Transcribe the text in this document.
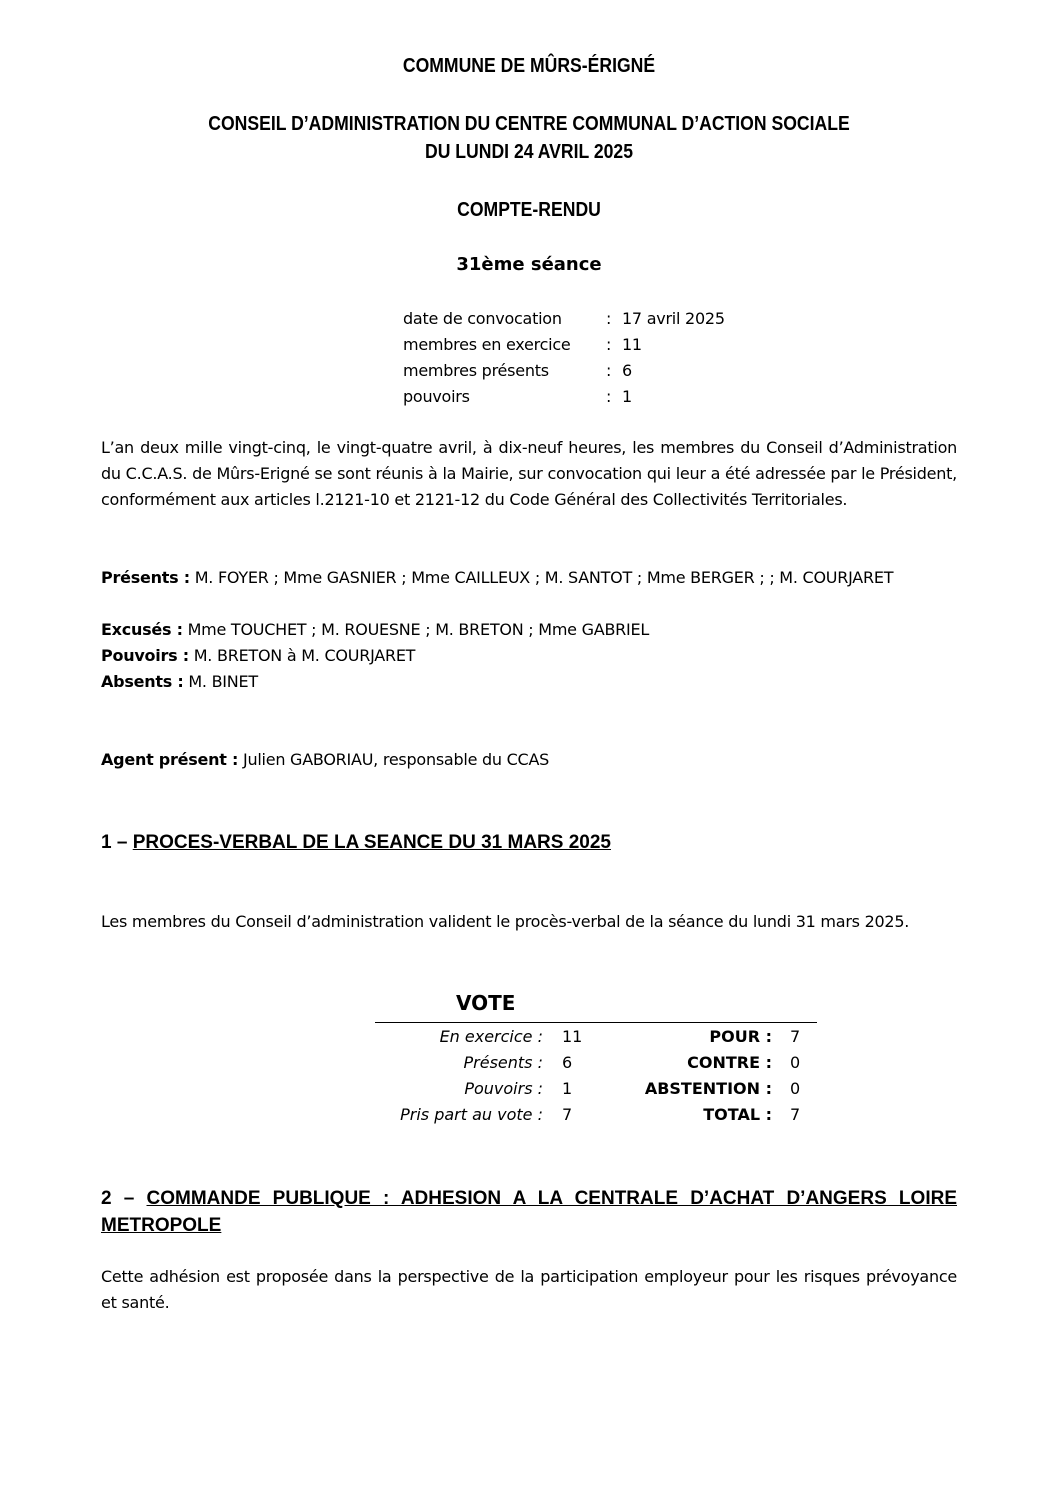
COMMUNE DE MÛRS-ÉRIGNÉ
CONSEIL D’ADMINISTRATION DU CENTRE COMMUNAL D’ACTION SOCIALE
DU LUNDI 24 AVRIL 2025
COMPTE-RENDU
31ème séance
date de convocation	:	17 avril 2025
membres en exercice	:	11
membres présents	:	6
pouvoirs	:	1

L’an deux mille vingt-cinq, le vingt-quatre avril, à dix-neuf heures, les membres du Conseil d’Administration du C.C.A.S. de Mûrs-Erigné se sont réunis à la Mairie, sur convocation qui leur a été adressée par le Président, conformément aux articles l.2121-10 et 2121-12 du Code Général des Collectivités Territoriales.

Présents : M. FOYER ; Mme GASNIER ; Mme CAILLEUX ; M. SANTOT ; Mme BERGER ; ; M. COURJARET

Excusés : Mme TOUCHET ; M. ROUESNE ; M. BRETON ; Mme GABRIEL
Pouvoirs : M. BRETON à M. COURJARET
Absents : M. BINET
Agent présent : Julien GABORIAU, responsable du CCAS
1 – PROCES-VERBAL DE LA SEANCE DU 31 MARS 2025

Les membres du Conseil d’administration valident le procès-verbal de la séance du lundi 31 mars 2025.

VOTE
En exercice :	11	POUR :	7
Présents :	6	CONTRE :	0
Pouvoirs :	1	ABSTENTION :	0
Pris part au vote :	7	TOTAL :	7
2 – COMMANDE PUBLIQUE : ADHESION A LA CENTRALE D’ACHAT D’ANGERS LOIRE METROPOLE

Cette adhésion est proposée dans la perspective de la participation employeur pour les risques prévoyance et santé.
